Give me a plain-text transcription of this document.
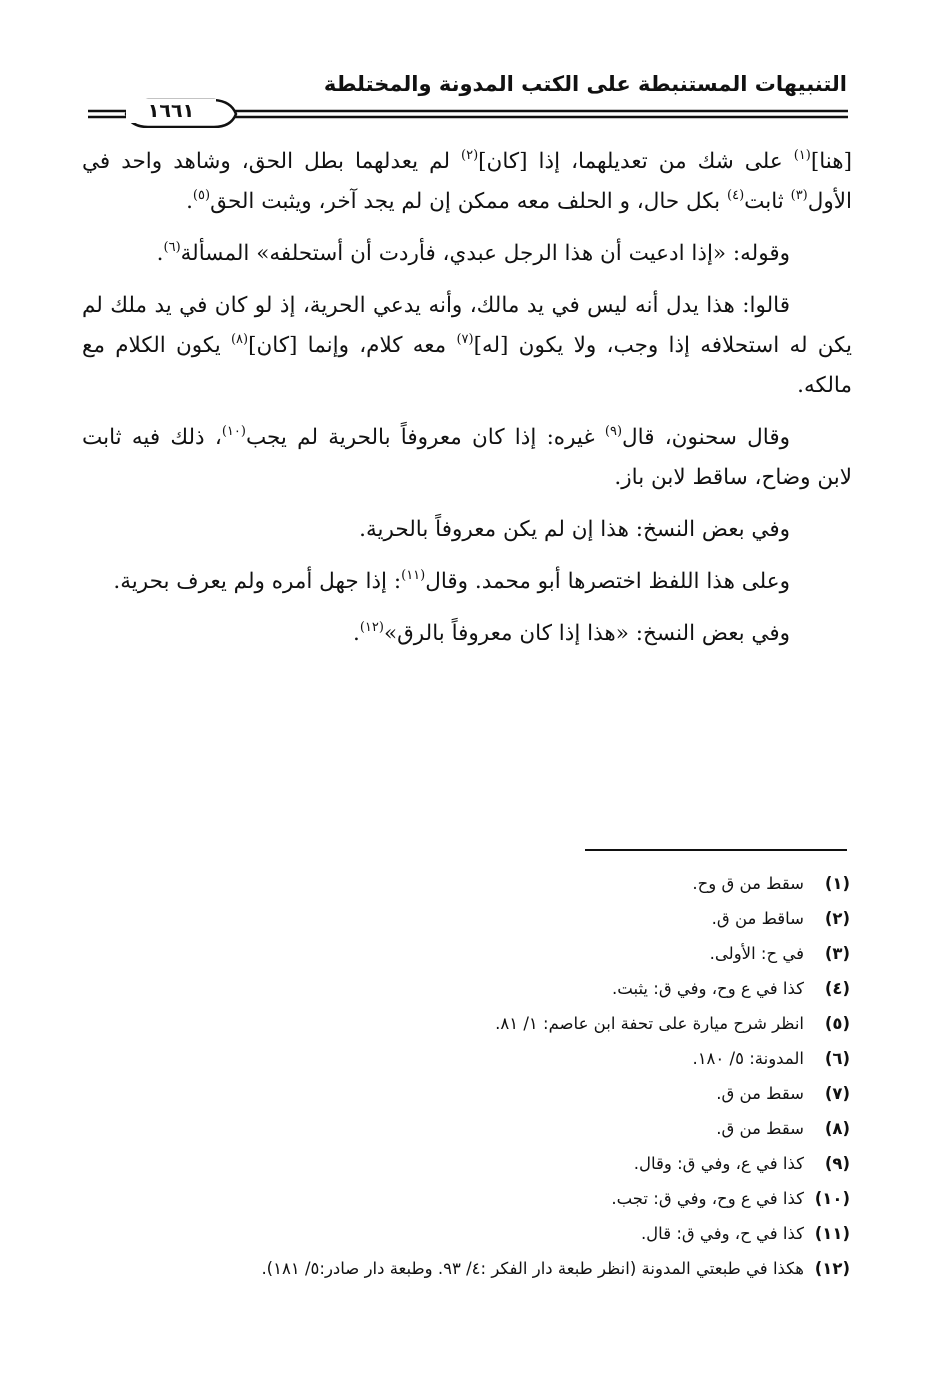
التنبيهات المستنبطة على الكتب المدونة والمختلطة
١٦٦١

[هنا]$^{(١)}$ على شك من تعديلهما، إذا [كان]$^{(٢)}$ لم يعدلهما بطل الحق، وشاهد واحد في الأول$^{(٣)}$ ثابت$^{(٤)}$ بكل حال، و الحلف معه ممكن إن لم يجد آخر، ويثبت الحق$^{(٥)}$.

وقوله: «إذا ادعيت أن هذا الرجل عبدي، فأردت أن أستحلفه» المسألة$^{(٦)}$.

قالوا: هذا يدل أنه ليس في يد مالك، وأنه يدعي الحرية، إذ لو كان في يد ملك لم يكن له استحلافه إذا وجب، ولا يكون [له]$^{(٧)}$ معه كلام، وإنما [كان]$^{(٨)}$ يكون الكلام مع مالكه.

وقال سحنون، قال$^{(٩)}$ غيره: إذا كان معروفاً بالحرية لم يجب$^{(١٠)}$، ذلك فيه ثابت لابن وضاح، ساقط لابن باز.

وفي بعض النسخ: هذا إن لم يكن معروفاً بالحرية.

وعلى هذا اللفظ اختصرها أبو محمد. وقال$^{(١١)}$: إذا جهل أمره ولم يعرف بحرية.

وفي بعض النسخ: «هذا إذا كان معروفاً بالرق»$^{(١٢)}$.

(١)سقط من ق وح.
(٢)ساقط من ق.
(٣)في ح: الأولى.
(٤)كذا في ع وح، وفي ق: يثبت.
(٥)انظر شرح ميارة على تحفة ابن عاصم: ١/ ٨١.
(٦)المدونة: ٥/ ١٨٠.
(٧)سقط من ق.
(٨)سقط من ق.
(٩)كذا في ع، وفي ق: وقال.
(١٠)كذا في ع وح، وفي ق: تجب.
(١١)كذا في ح، وفي ق: قال.
(١٢)هكذا في طبعتي المدونة (انظر طبعة دار الفكر :٤/ ٩٣. وطبعة دار صادر:٥/ ١٨١).
